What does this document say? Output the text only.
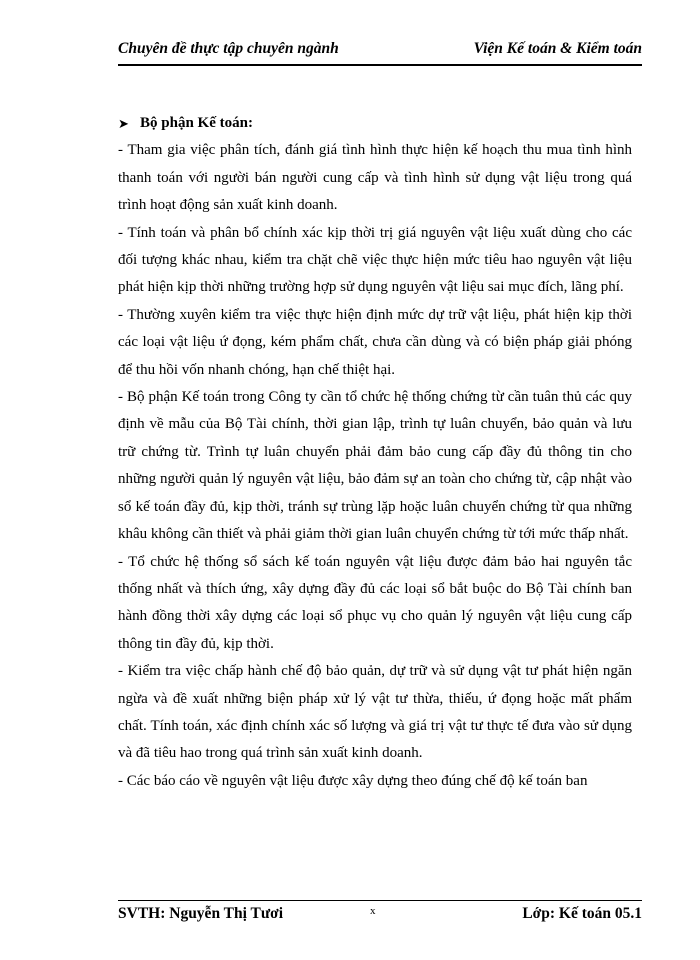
Chuyên đề thực tập chuyên ngành	Viện Kế toán & Kiểm toán
➤ Bộ phận Kế toán:

- Tham gia việc phân tích, đánh giá tình hình thực hiện kế hoạch thu mua tình hình thanh toán với người bán người cung cấp và tình hình sử dụng vật liệu trong quá trình hoạt động sản xuất kinh doanh.

- Tính toán và phân bổ chính xác kịp thời trị giá nguyên vật liệu xuất dùng cho các đối tượng khác nhau, kiểm tra chặt chẽ việc thực hiện mức tiêu hao nguyên vật liệu phát hiện kịp thời những trường hợp sử dụng nguyên vật liệu sai mục đích, lãng phí.

- Thường xuyên kiểm tra việc thực hiện định mức dự trữ vật liệu, phát hiện kịp thời các loại vật liệu ứ đọng, kém phẩm chất, chưa cần dùng và có biện pháp giải phóng để thu hồi vốn nhanh chóng, hạn chế thiệt hại.

- Bộ phận Kế toán trong Công ty cần tổ chức hệ thống chứng từ cần tuân thủ các quy định về mẫu của Bộ Tài chính, thời gian lập, trình tự luân chuyển, bảo quản và lưu trữ chứng từ. Trình tự luân chuyển phải đảm bảo cung cấp đầy đủ thông tin cho những người quản lý nguyên vật liệu, bảo đảm sự an toàn cho chứng từ, cập nhật vào sổ kế toán đầy đủ, kịp thời, tránh sự trùng lặp hoặc luân chuyển chứng từ qua những khâu không cần thiết và phải giảm thời gian luân chuyển chứng từ tới mức thấp nhất.

- Tổ chức hệ thống sổ sách kế toán nguyên vật liệu được đảm bảo hai nguyên tắc thống nhất và thích ứng, xây dựng đầy đủ các loại sổ bắt buộc do Bộ Tài chính ban hành đồng thời xây dựng các loại sổ phục vụ cho quản lý nguyên vật liệu cung cấp thông tin đầy đủ, kịp thời.

- Kiểm tra việc chấp hành chế độ bảo quản, dự trữ và sử dụng vật tư phát hiện ngăn ngừa và đề xuất những biện pháp xử lý vật tư thừa, thiếu, ứ đọng hoặc mất phẩm chất. Tính toán, xác định chính xác số lượng và giá trị vật tư thực tế đưa vào sử dụng và đã tiêu hao trong quá trình sản xuất kinh doanh.

- Các báo cáo về nguyên vật liệu được xây dựng theo đúng chế độ kế toán ban

SVTH: Nguyễn Thị Tươi	x	Lớp: Kế toán 05.1
